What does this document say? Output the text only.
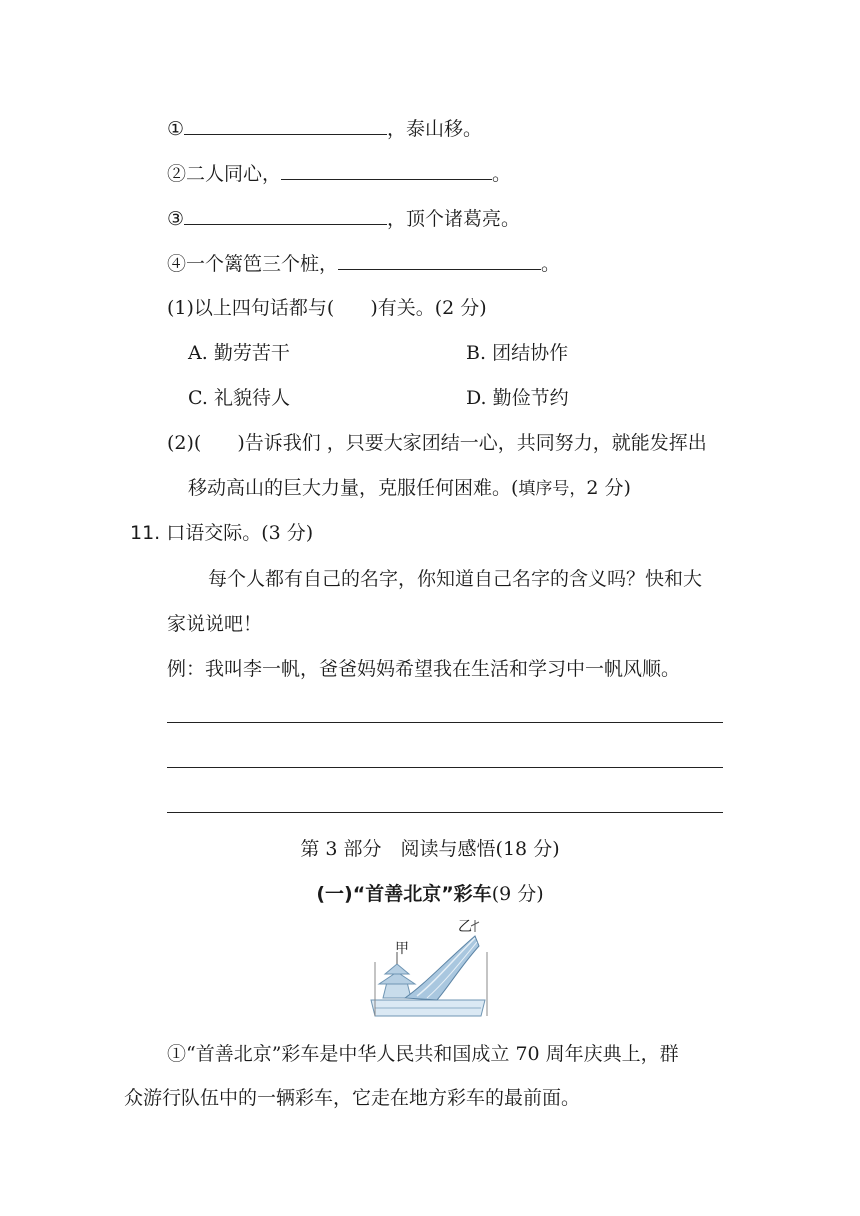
①	，泰山移。
②二人同心，	。
③	，顶个诸葛亮。
④一个篱笆三个桩，	。
(1)以上四句话都与( )有关。(2 分)
A. 勤劳苦干	B. 团结协作
C. 礼貌待人	D. 勤俭节约
(2)( )告诉我们 ，只要大家团结一心，共同努力，就能发挥出
移动高山的巨大力量，克服任何困难。(填序号，2 分)
11. 口语交际。(3 分)
每个人都有自己的名字，你知道自己名字的含义吗？快和大
家说说吧！
例：我叫李一帆，爸爸妈妈希望我在生活和学习中一帆风顺。
第 3 部分　阅读与感悟(18 分)
(一)“首善北京”彩车(9 分)
甲
乙
①“首善北京”彩车是中华人民共和国成立 70 周年庆典上，群
众游行队伍中的一辆彩车，它走在地方彩车的最前面。
